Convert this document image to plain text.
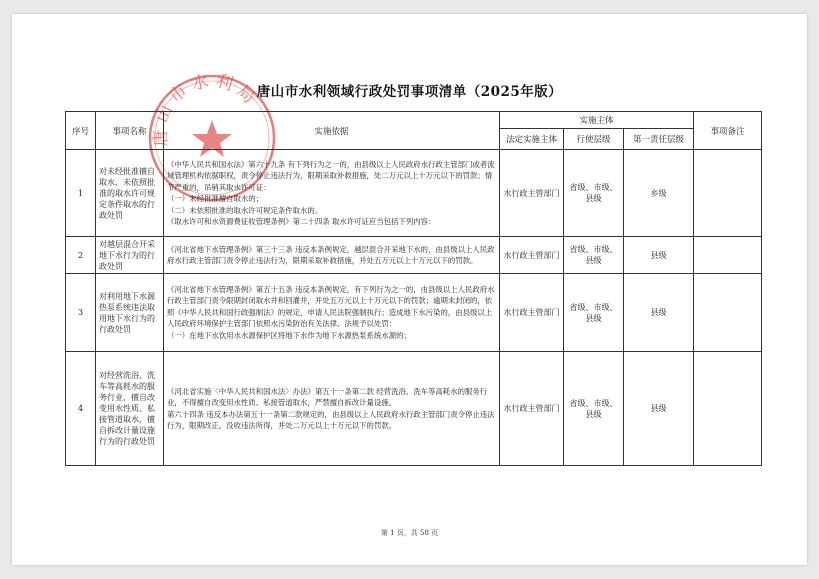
唐山市水利局
唐山市水利领域行政处罚事项清单（2025年版）
序号	事项名称	实施依据	实施主体			事项备注
			法定实施主体	行使层级	第一责任层级	
1	对未经批准擅自取水、未依照批准的取水许可规定条件取水的行政处罚	《中华人民共和国水法》第六十九条 有下列行为之一的，由县级以上人民政府水行政主管部门或者流域管理机构依据职权，责令停止违法行为，限期采取补救措施，处二万元以上十万元以下的罚款；情节严重的，吊销其取水许可证：

（一）未经批准擅自取水的；

（二）未依照批准的取水许可规定条件取水的。

《取水许可和水资源费征收管理条例》第二十四条 取水许可证应当包括下列内容：	水行政主管部门	省级、市级、县级	乡级	
2	对越层混合开采地下水行为的行政处罚	《河北省地下水管理条例》第三十三条 违反本条例规定，越层混合开采地下水的，由县级以上人民政府水行政主管部门责令停止违法行为，限期采取补救措施，并处五万元以上十万元以下的罚款。	水行政主管部门	省级、市级、县级	县级	
3	对利用地下水源热泵系统违法取用地下水行为的行政处罚	《河北省地下水管理条例》第五十五条 违反本条例规定，有下列行为之一的，由县级以上人民政府水行政主管部门责令限期封闭取水井和回灌井，并处五万元以上十万元以下的罚款；逾期未封闭的，依照《中华人民共和国行政强制法》的规定，申请人民法院强制执行；造成地下水污染的，由县级以上人民政府环境保护主管部门依照水污染防治有关法律、法规予以处罚：

（一）在地下水饮用水水源保护区将地下水作为地下水源热泵系统水源的；	水行政主管部门	省级、市级、县级	县级	
4	对经营洗浴、洗车等高耗水的服务行业，擅自改变用水性质、私接管道取水，擅自拆改计量设施行为的行政处罚	《河北省实施〈中华人民共和国水法〉办法》第五十一条第二款 经营洗浴、洗车等高耗水的服务行业，不得擅自改变用水性质、私接管道取水，严禁擅自拆改计量设施。

第六十四条 违反本办法第五十一条第二款规定的，由县级以上人民政府水行政主管部门责令停止违法行为，限期改正，没收违法所得，并处二万元以上十万元以下的罚款。	水行政主管部门	省级、市级、县级	县级	
第 1 页，共 58 页
